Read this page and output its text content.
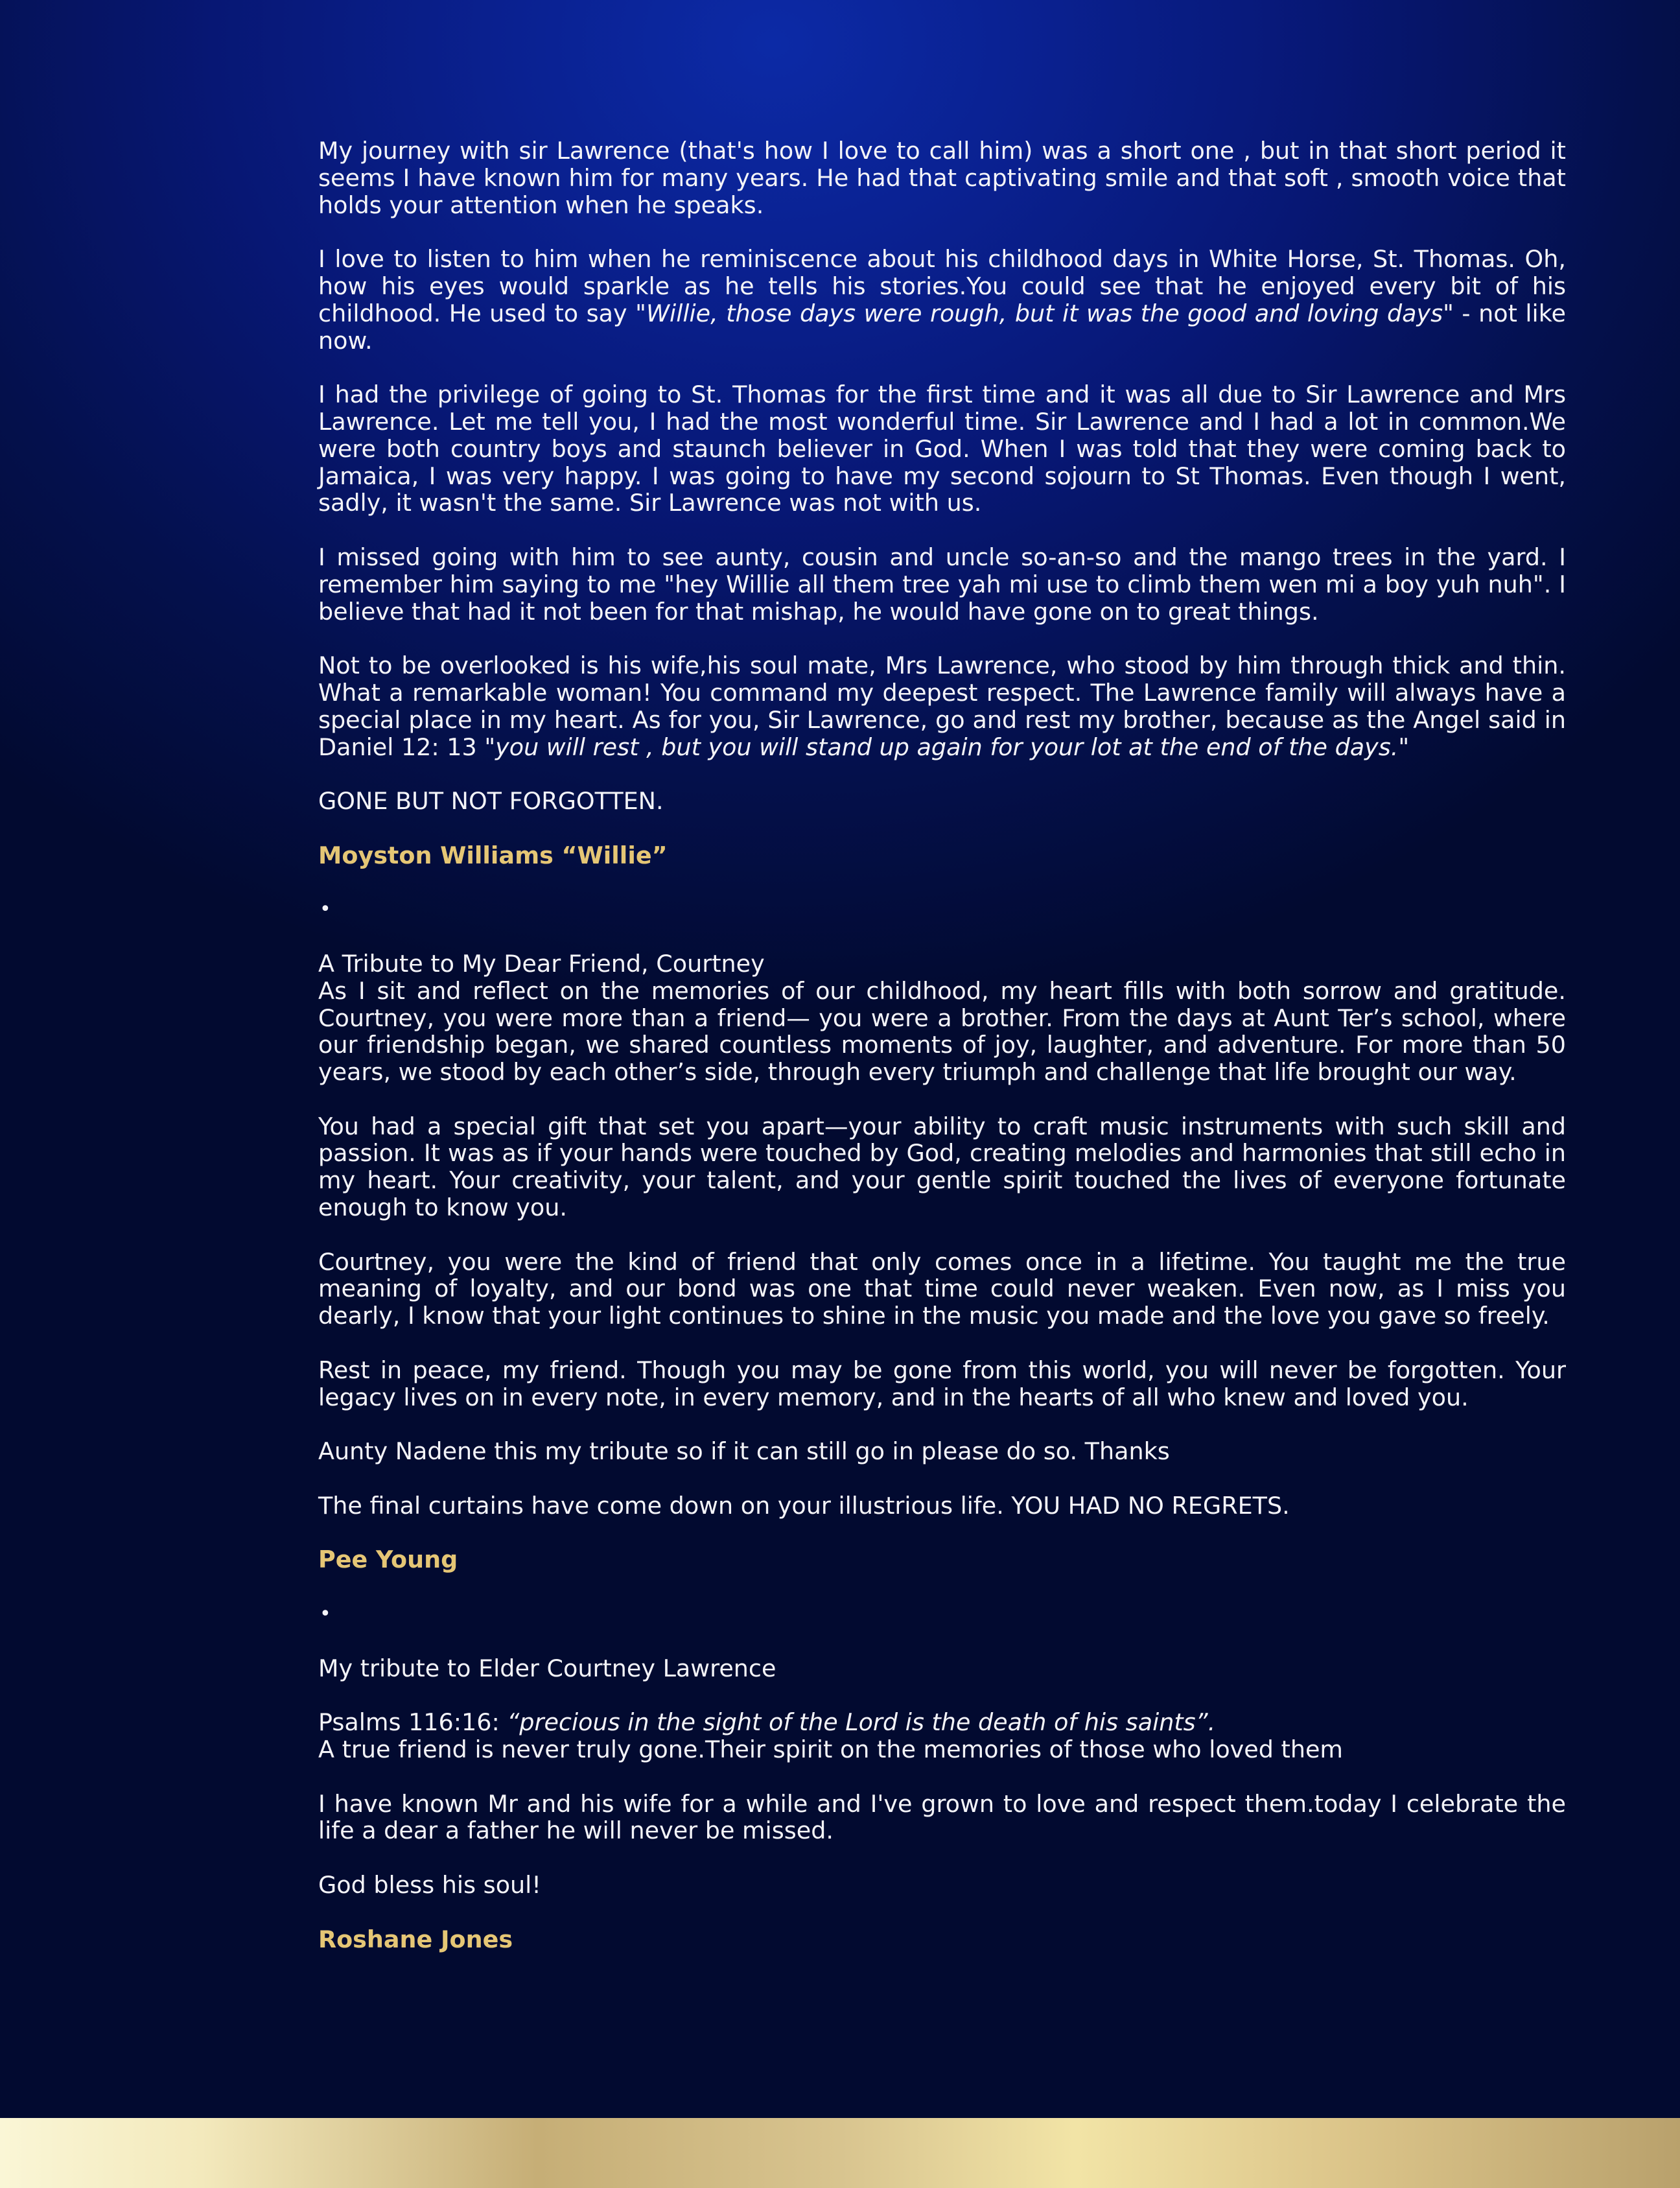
My journey with sir Lawrence (that's how I love to call him) was a short one , but in that short period it seems I have known him for many years. He had that captivating smile and that soft , smooth voice that holds your attention when he speaks.

I love to listen to him when he reminiscence about his childhood days in White Horse, St. Thomas. Oh, how his eyes would sparkle as he tells his stories.You could see that he enjoyed every bit of his childhood. He used to say "Willie, those days were rough, but it was the good and loving days" - not like now.

I had the privilege of going to St. Thomas for the first time and it was all due to Sir Lawrence and Mrs Lawrence. Let me tell you, I had the most wonderful time. Sir Lawrence and I had a lot in common.We were both country boys and staunch believer in God. When I was told that they were coming back to Jamaica, I was very happy. I was going to have my second sojourn to St Thomas. Even though I went, sadly, it wasn't the same. Sir Lawrence was not with us.

I missed going with him to see aunty, cousin and uncle so-an-so and the mango trees in the yard. I remember him saying to me "hey Willie all them tree yah mi use to climb them wen mi a boy yuh nuh". I believe that had it not been for that mishap, he would have gone on to great things.

Not to be overlooked is his wife,his soul mate, Mrs Lawrence, who stood by him through thick and thin. What a remarkable woman! You command my deepest respect. The Lawrence family will always have a special place in my heart. As for you, Sir Lawrence, go and rest my brother, because as the Angel said in Daniel 12: 13 "you will rest , but you will stand up again for your lot at the end of the days."

GONE BUT NOT FORGOTTEN.

Moyston Williams “Willie”

•

A Tribute to My Dear Friend, Courtney

As I sit and reflect on the memories of our childhood, my heart fills with both sorrow and gratitude. Courtney, you were more than a friend— you were a brother. From the days at Aunt Ter’s school, where our friendship began, we shared countless moments of joy, laughter, and adventure. For more than 50 years, we stood by each other’s side, through every triumph and challenge that life brought our way.

You had a special gift that set you apart—your ability to craft music instruments with such skill and passion. It was as if your hands were touched by God, creating melodies and harmonies that still echo in my heart. Your creativity, your talent, and your gentle spirit touched the lives of everyone fortunate enough to know you.

Courtney, you were the kind of friend that only comes once in a lifetime. You taught me the true meaning of loyalty, and our bond was one that time could never weaken. Even now, as I miss you dearly, I know that your light continues to shine in the music you made and the love you gave so freely.

Rest in peace, my friend. Though you may be gone from this world, you will never be forgotten. Your legacy lives on in every note, in every memory, and in the hearts of all who knew and loved you.

Aunty Nadene this my tribute so if it can still go in please do so. Thanks

The final curtains have come down on your illustrious life. YOU HAD NO REGRETS.

Pee Young

•

My tribute to Elder Courtney Lawrence

Psalms 116:16: “precious in the sight of the Lord is the death of his saints”.

A true friend is never truly gone.Their spirit on the memories of those who loved them

I have known Mr and his wife for a while and I've grown to love and respect them.today I celebrate the life a dear a father he will never be missed.

God bless his soul!

Roshane Jones
